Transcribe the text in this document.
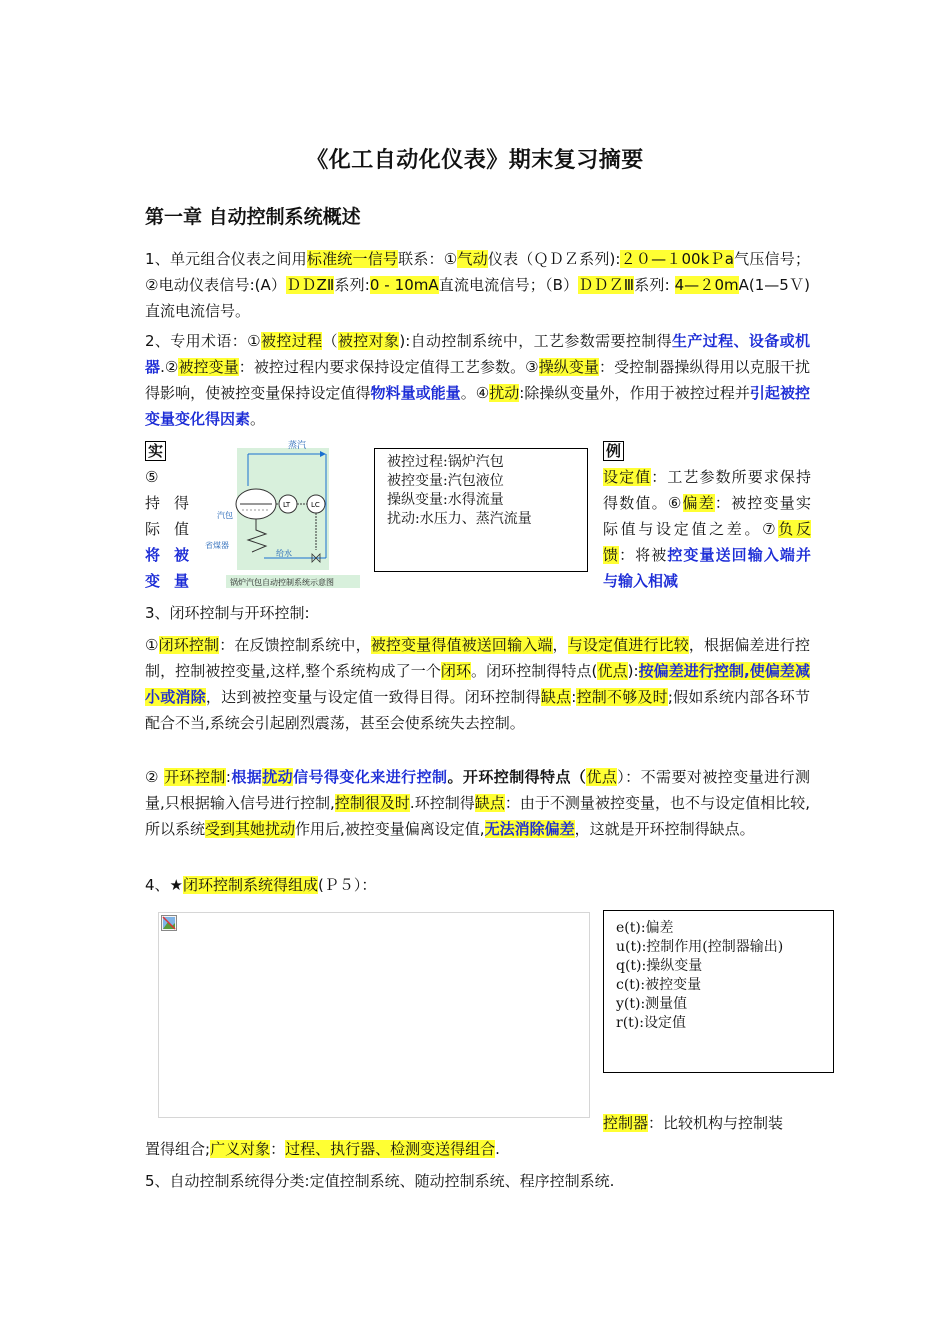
《化工自动化仪表》期末复习摘要
第一章 自动控制系统概述
1、单元组合仪表之间用标准统一信号联系：①气动仪表（ＱＤＺ系列):２０—１00kＰa气压信号；②电动仪表信号:(A）ＤＤZⅡ系列:0 - 10mA直流电流信号；（B）ＤＤＺⅢ系列: 4—２0mA(1—5Ｖ)直流电流信号。
2、专用术语：①被控过程（被控对象):自动控制系统中，工艺参数需要控制得生产过程、设备或机器.②被控变量：被控过程内要求保持设定值得工艺参数。③操纵变量：受控制器操纵得用以克服干扰得影响，使被控变量保持设定值得物料量或能量。④扰动:除操纵变量外，作用于被控过程并引起被控变量变化得因素。
实
⑤
持 得
际 值
将 被
变 量
蒸汽
汽包
LT	LC
省煤器
给水
锅炉汽包自动控制系统示意图
被控过程:锅炉汽包
被控变量:汽包液位
操纵变量:水得流量
扰动:水压力、蒸汽流量
例
设定值：工艺参数所要求保持得数值。⑥偏差：被控变量实际值与设定值之差。⑦负反馈：将被控变量送回输入端并与输入相减
3、闭环控制与开环控制:
①闭环控制：在反馈控制系统中，被控变量得值被送回输入端，与设定值进行比较，根据偏差进行控制，控制被控变量,这样,整个系统构成了一个闭环。闭环控制得特点(优点):按偏差进行控制,使偏差减小或消除，达到被控变量与设定值一致得目得。闭环控制得缺点:控制不够及时;假如系统内部各环节配合不当,系统会引起剧烈震荡，甚至会使系统失去控制。
② 开环控制:根据扰动信号得变化来进行控制。开环控制得特点（优点）：不需要对被控变量进行测量,只根据输入信号进行控制,控制很及时.环控制得缺点：由于不测量被控变量，也不与设定值相比较,所以系统受到其她扰动作用后,被控变量偏离设定值,无法消除偏差，这就是开环控制得缺点。
4、★闭环控制系统得组成(Ｐ５）：
e(t):偏差
u(t):控制作用(控制器输出)
q(t):操纵变量
c(t):被控变量
y(t):测量值
r(t):设定值
控制器：比较机构与控制装
置得组合;广义对象：过程、执行器、检测变送得组合.
5、自动控制系统得分类:定值控制系统、随动控制系统、程序控制系统.
